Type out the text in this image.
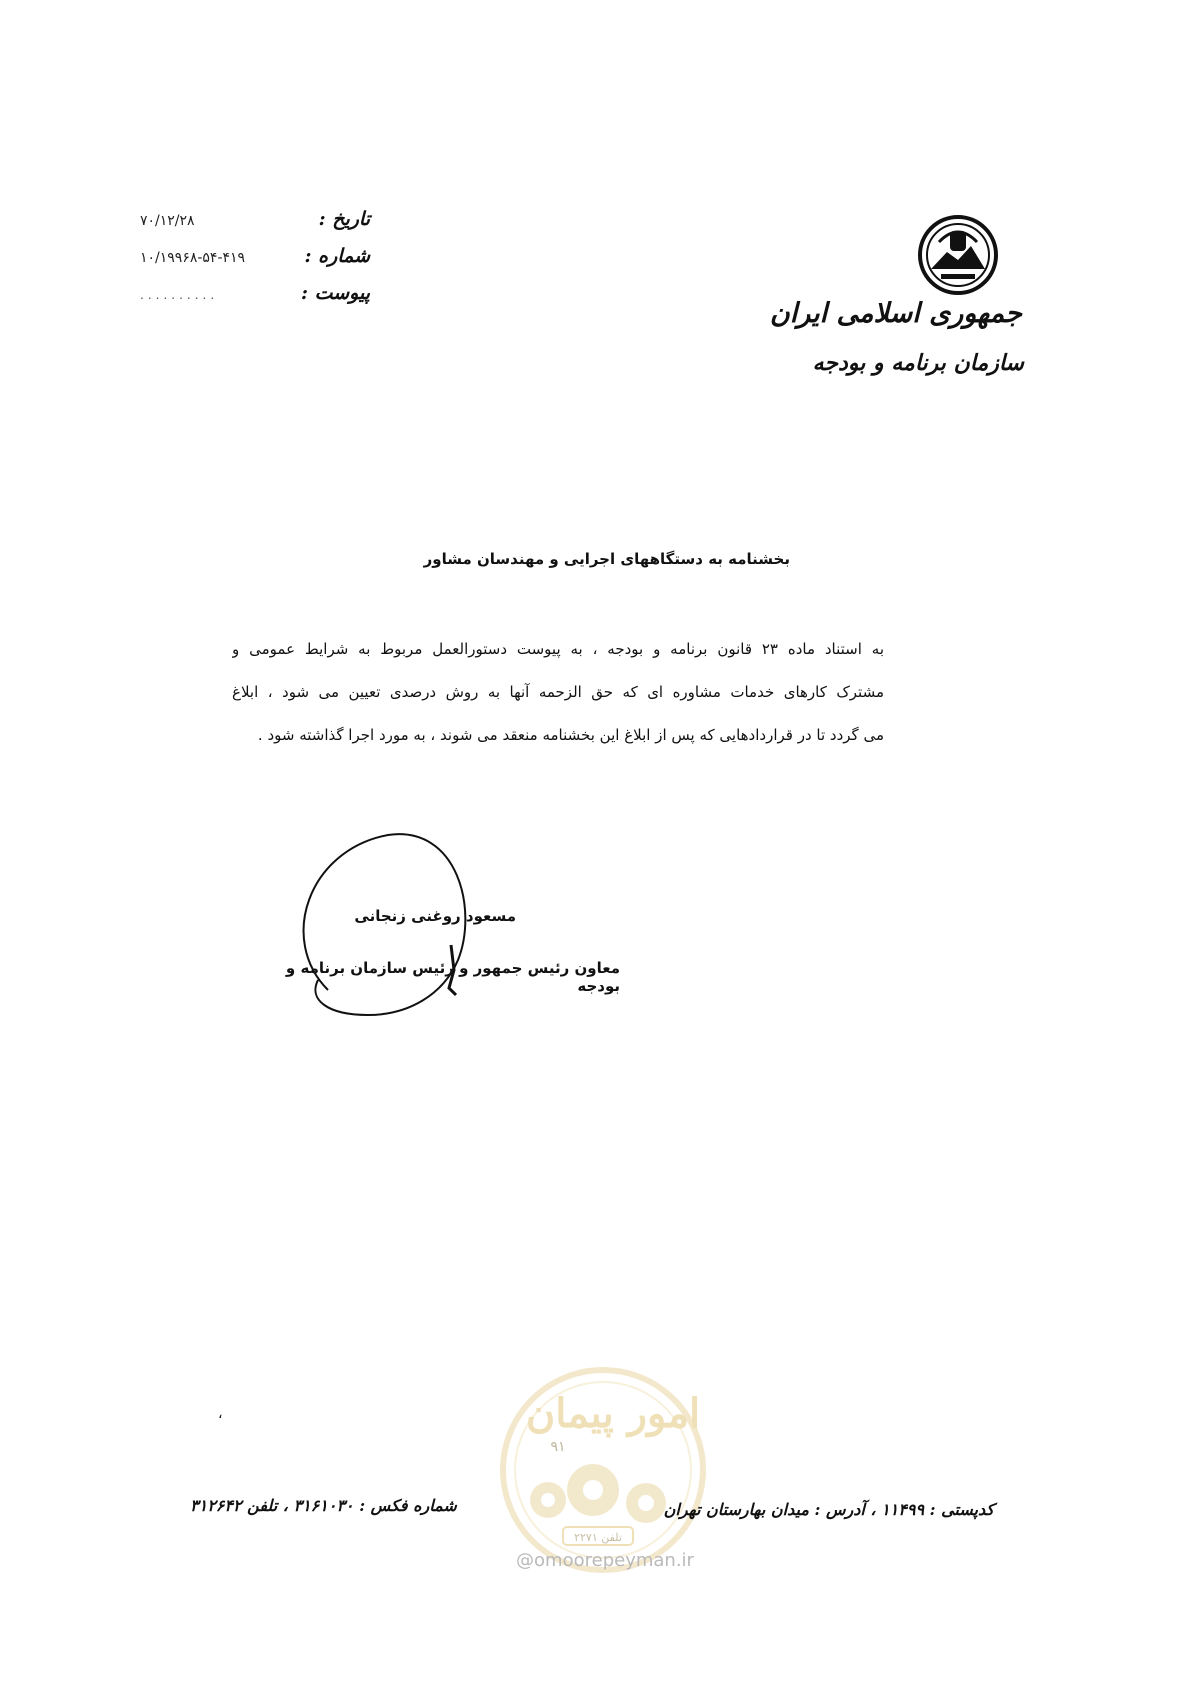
تاریخ :
۷۰/۱۲/۲۸
شماره :
۱۰/۱۹۹۶۸-۵۴-۴۱۹
پیوست :
..........
جمهوری اسلامی ایران
سازمان برنامه و بودجه
بخشنامه به دستگاههای اجرایی و مهندسان مشاور

به استناد ماده ۲۳ قانون برنامه و بودجه ، به پیوست دستورالعمل مربوط به شرایط عمومی و

مشترک کارهای خدمات مشاوره ای که حق الزحمه آنها به روش درصدی تعیین می شود ، ابلاغ

می گردد تا در قراردادهایی که پس از ابلاغ این بخشنامه منعقد می شوند ، به مورد اجرا گذاشته شود .

مسعود روغنی زنجانی
معاون رئیس جمهور و رئیس سازمان برنامه و بودجه
امور پیمان
۹۱
تلفن ۲۲۷۱
@omoorepeyman.ir
،
شماره فکس : ۳۱۶۱۰۳۰ ، تلفن ۳۱۲۶۴۲	کدپستی : ۱۱۴۹۹ ، آدرس : میدان بهارستان تهران
